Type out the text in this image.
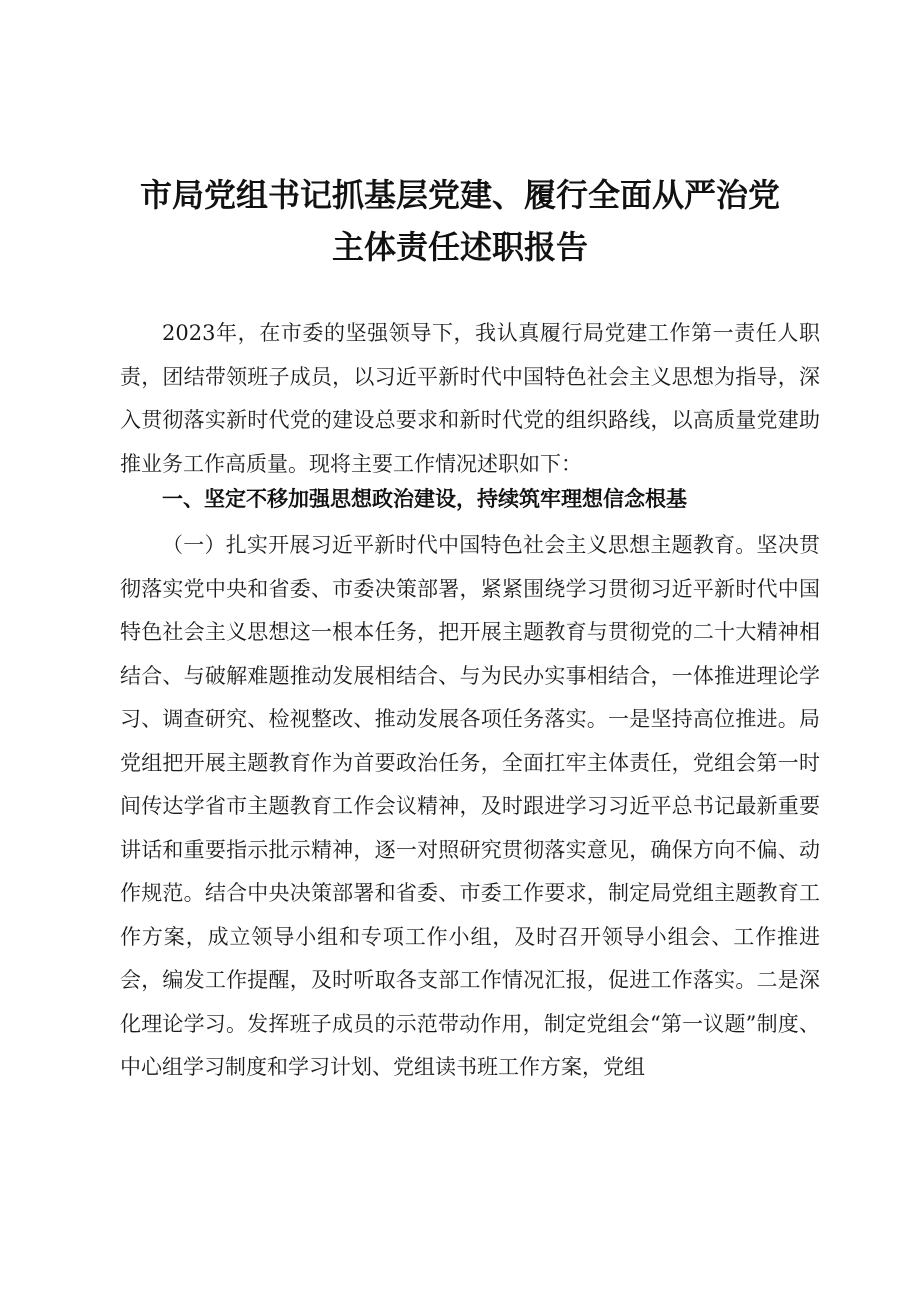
市局党组书记抓基层党建、履行全面从严治党
主体责任述职报告

2023年，在市委的坚强领导下，我认真履行局党建工作第一责任人职责，团结带领班子成员，以习近平新时代中国特色社会主义思想为指导，深入贯彻落实新时代党的建设总要求和新时代党的组织路线，以高质量党建助推业务工作高质量。现将主要工作情况述职如下：

一、坚定不移加强思想政治建设，持续筑牢理想信念根基

（一）扎实开展习近平新时代中国特色社会主义思想主题教育。坚决贯彻落实党中央和省委、市委决策部署，紧紧围绕学习贯彻习近平新时代中国特色社会主义思想这一根本任务，把开展主题教育与贯彻党的二十大精神相结合、与破解难题推动发展相结合、与为民办实事相结合，一体推进理论学习、调查研究、检视整改、推动发展各项任务落实。一是坚持高位推进。局党组把开展主题教育作为首要政治任务，全面扛牢主体责任，党组会第一时间传达学省市主题教育工作会议精神，及时跟进学习习近平总书记最新重要讲话和重要指示批示精神，逐一对照研究贯彻落实意见，确保方向不偏、动作规范。结合中央决策部署和省委、市委工作要求，制定局党组主题教育工作方案，成立领导小组和专项工作小组，及时召开领导小组会、工作推进会，编发工作提醒，及时听取各支部工作情况汇报，促进工作落实。二是深化理论学习。发挥班子成员的示范带动作用，制定党组会“第一议题”制度、中心组学习制度和学习计划、党组读书班工作方案，党组
